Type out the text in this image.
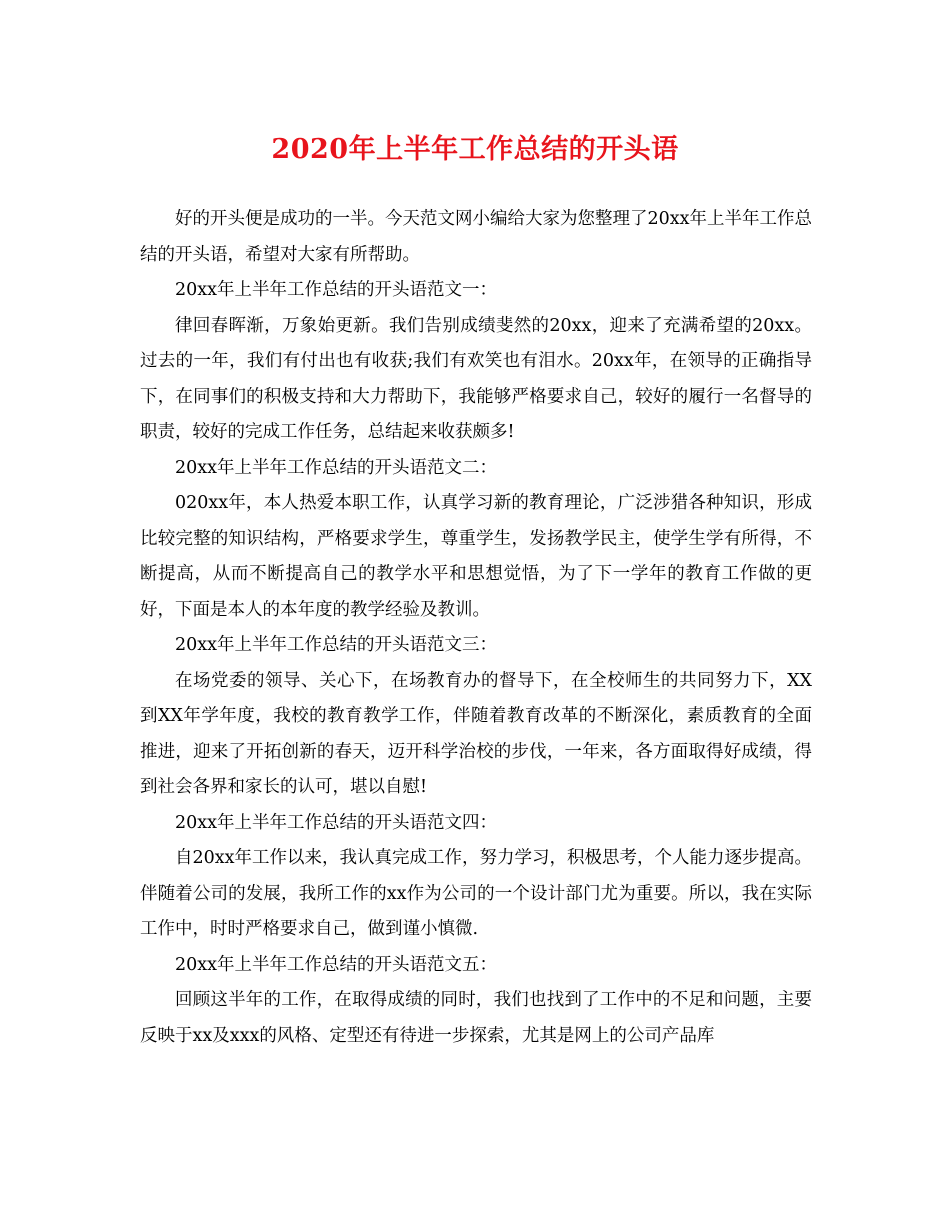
2020年上半年工作总结的开头语

好的开头便是成功的一半。今天范文网小编给大家为您整理了20xx年上半年工作总结的开头语，希望对大家有所帮助。

20xx年上半年工作总结的开头语范文一：

律回春晖渐，万象始更新。我们告别成绩斐然的20xx，迎来了充满希望的20xx。过去的一年，我们有付出也有收获;我们有欢笑也有泪水。20xx年，在领导的正确指导下，在同事们的积极支持和大力帮助下，我能够严格要求自己，较好的履行一名督导的职责，较好的完成工作任务，总结起来收获颇多!

20xx年上半年工作总结的开头语范文二：

020xx年，本人热爱本职工作，认真学习新的教育理论，广泛涉猎各种知识，形成比较完整的知识结构，严格要求学生，尊重学生，发扬教学民主，使学生学有所得，不断提高，从而不断提高自己的教学水平和思想觉悟，为了下一学年的教育工作做的更好，下面是本人的本年度的教学经验及教训。

20xx年上半年工作总结的开头语范文三：

在场党委的领导、关心下，在场教育办的督导下，在全校师生的共同努力下，XX到XX年学年度，我校的教育教学工作，伴随着教育改革的不断深化，素质教育的全面推进，迎来了开拓创新的春天，迈开科学治校的步伐，一年来，各方面取得好成绩，得到社会各界和家长的认可，堪以自慰!

20xx年上半年工作总结的开头语范文四：

自20xx年工作以来，我认真完成工作，努力学习，积极思考，个人能力逐步提高。伴随着公司的发展，我所工作的xx作为公司的一个设计部门尤为重要。所以，我在实际工作中，时时严格要求自己，做到谨小慎微.

20xx年上半年工作总结的开头语范文五：

回顾这半年的工作，在取得成绩的同时，我们也找到了工作中的不足和问题，主要反映于xx及xxx的风格、定型还有待进一步探索，尤其是网上的公司产品库
